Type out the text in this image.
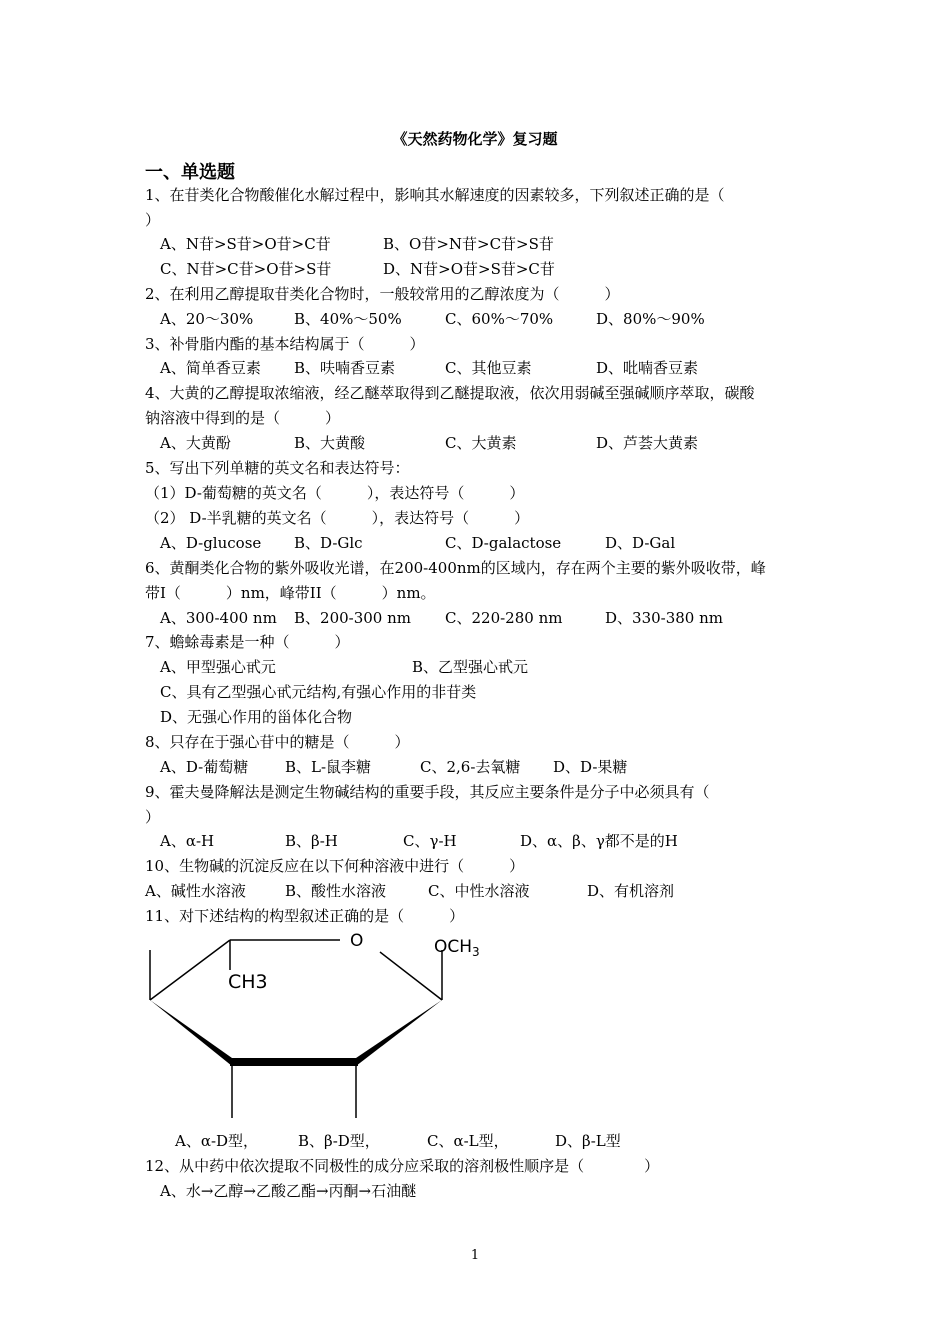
《天然药物化学》复习题
一、单选题
1、在苷类化合物酸催化水解过程中，影响其水解速度的因素较多，下列叙述正确的是（
）
A、N苷>S苷>O苷>C苷	B、O苷>N苷>C苷>S苷
C、N苷>C苷>O苷>S苷	D、N苷>O苷>S苷>C苷
2、在利用乙醇提取苷类化合物时，一般较常用的乙醇浓度为（　　　）
A、20～30%	B、40%～50%	C、60%～70%	D、80%～90%
3、补骨脂内酯的基本结构属于（　　　）
A、简单香豆素 B、呋喃香豆素	C、其他豆素	D、吡喃香豆素
4、大黄的乙醇提取浓缩液，经乙醚萃取得到乙醚提取液，依次用弱碱至强碱顺序萃取，碳酸
钠溶液中得到的是（　　　）
A、大黄酚	B、大黄酸	C、大黄素	D、芦荟大黄素
5、写出下列单糖的英文名和表达符号：
（1）D-葡萄糖的英文名（　　　），表达符号（　　　）
（2） D-半乳糖的英文名（　　　），表达符号（　　　）
A、D-glucose B、D-Glc	C、D-galactose	D、D-Gal
6、黄酮类化合物的紫外吸收光谱，在200-400nm的区域内，存在两个主要的紫外吸收带，峰
带I（　　　）nm，峰带II（　　　）nm。
A、300-400 nm B、200-300 nm C、220-280 nm	D、330-380 nm
7、蟾蜍毒素是一种（　　　）
A、甲型强心甙元	B、乙型强心甙元
C、具有乙型强心甙元结构,有强心作用的非苷类
D、无强心作用的甾体化合物
8、只存在于强心苷中的糖是（　　　）
A、D-葡萄糖 B、L-鼠李糖	C、2,6-去氧糖 D、D-果糖
9、霍夫曼降解法是测定生物碱结构的重要手段，其反应主要条件是分子中必须具有（
）
A、α-H	B、β-H	C、γ-H	D、α、β、γ都不是的H
10、生物碱的沉淀反应在以下何种溶液中进行（　　　）
A、碱性水溶液	B、酸性水溶液	C、中性水溶液	D、有机溶剂
11、对下述结构的构型叙述正确的是（　　　）
O	$OCH_3$
CH3
A、α-D型，	B、β-D型，	C、α-L型，	D、β-L型
12、从中药中依次提取不同极性的成分应采取的溶剂极性顺序是（　　　　）
A、水→乙醇→乙酸乙酯→丙酮→石油醚
1
